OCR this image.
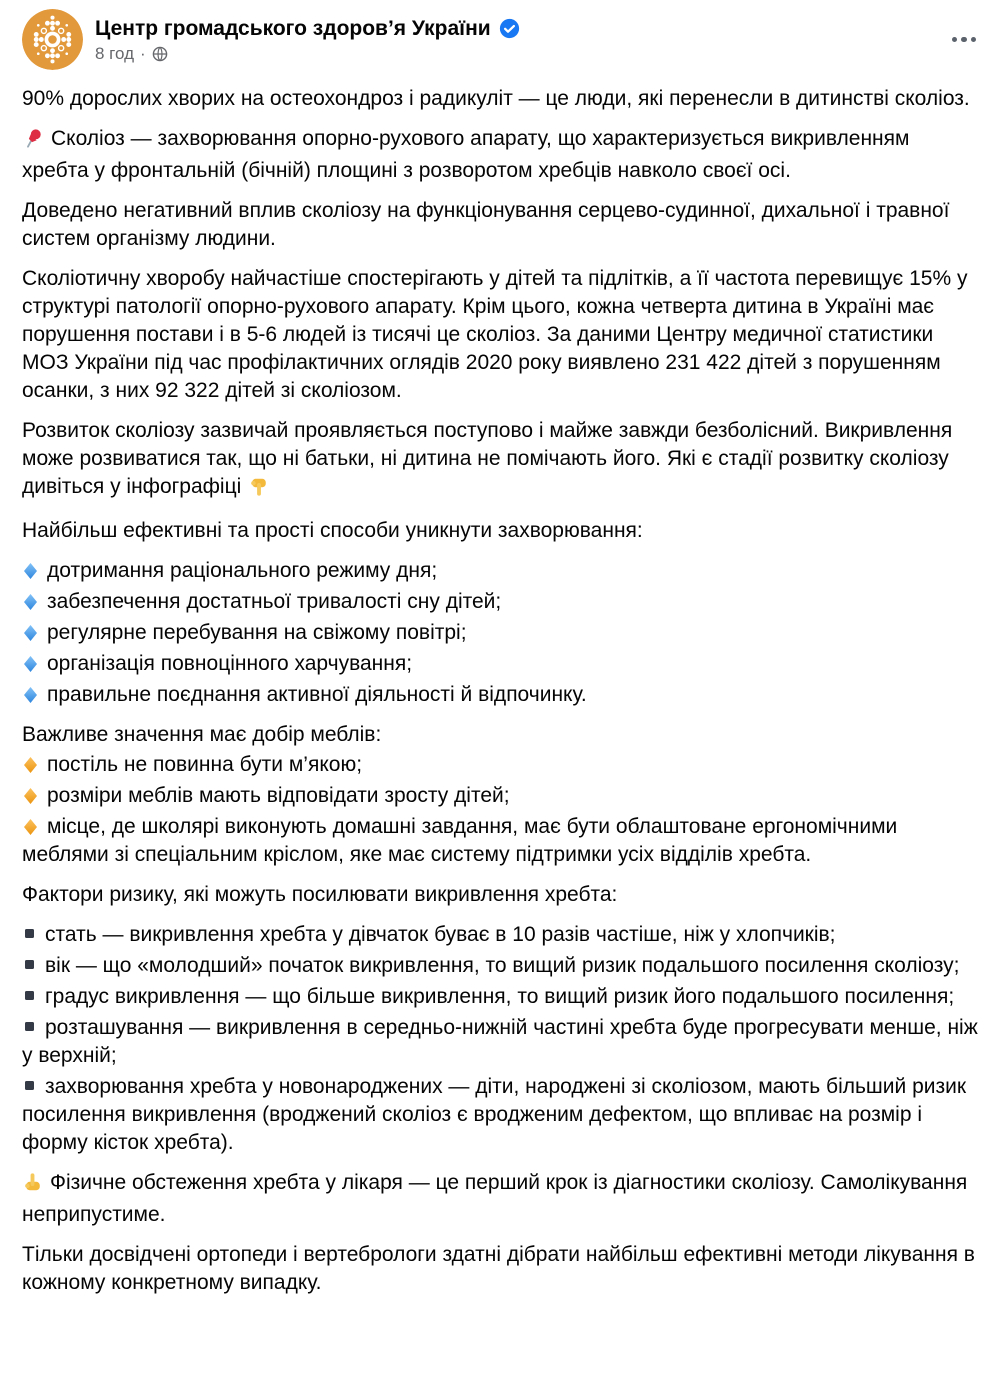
Центр громадського здоров’я України
8 год ·

90% дорослих хворих на остеохондроз і радикуліт — це люди, які перенесли в дитинстві сколіоз.

Сколіоз — захворювання опорно-рухового апарату, що характеризується викривленням хребта у фронтальній (бічній) площині з розворотом хребців навколо своєї осі.

Доведено негативний вплив сколіозу на функціонування серцево-судинної, дихальної і травної систем організму людини.

Сколіотичну хворобу найчастіше спостерігають у дітей та підлітків, а її частота перевищує 15% у структурі патології опорно-рухового апарату. Крім цього, кожна четверта дитина в Україні має порушення постави і в 5-6 людей із тисячі це сколіоз. За даними Центру медичної статистики МОЗ України під час профілактичних оглядів 2020 року виявлено 231 422 дітей з порушенням осанки, з них 92 322 дітей зі сколіозом.

Розвиток сколіозу зазвичай проявляється поступово і майже завжди безболісний. Викривлення може розвиватися так, що ні батьки, ні дитина не помічають його. Які є стадії розвитку сколіозу дивіться у інфографіці

Найбільш ефективні та прості способи уникнути захворювання:

дотримання раціонального режиму дня;
забезпечення достатньої тривалості сну дітей;
регулярне перебування на свіжому повітрі;
організація повноцінного харчування;
правильне поєднання активної діяльності й відпочинку.

Важливе значення має добір меблів:

постіль не повинна бути м’якою;
розміри меблів мають відповідати зросту дітей;
місце, де школярі виконують домашні завдання, має бути облаштоване ергономічними меблями зі спеціальним кріслом, яке має систему підтримки усіх відділів хребта.

Фактори ризику, які можуть посилювати викривлення хребта:

стать — викривлення хребта у дівчаток буває в 10 разів частіше, ніж у хлопчиків;
вік — що «молодший» початок викривлення, то вищий ризик подальшого посилення сколіозу;
градус викривлення — що більше викривлення, то вищий ризик його подальшого посилення;
розташування — викривлення в середньо-нижній частині хребта буде прогресувати менше, ніж у верхній;
захворювання хребта у новонароджених — діти, народжені зі сколіозом, мають більший ризик посилення викривлення (вроджений сколіоз є вродженим дефектом, що впливає на розмір і форму кісток хребта).

Фізичне обстеження хребта у лікаря — це перший крок із діагностики сколіозу. Самолікування неприпустиме.

Тільки досвідчені ортопеди і вертебрологи здатні дібрати найбільш ефективні методи лікування в кожному конкретному випадку.
